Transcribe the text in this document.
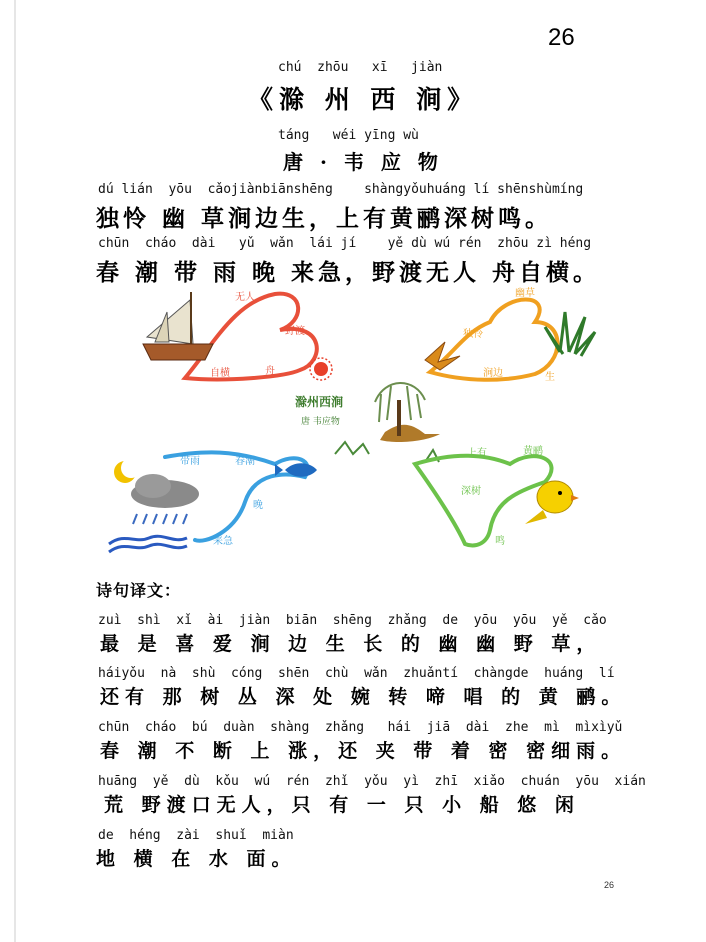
26
chú  zhōu   xī   jiàn
《滁 州 西 涧》
táng   wéi yīng wù
唐 · 韦 应 物
dú lián  yōu  cǎojiànbiānshēng    shàngyǒuhuáng lí shēnshùmíng
独怜 幽 草涧边生，上有黄鹂深树鸣。
chūn  cháo  dài   yǔ  wǎn  lái jí    yě dù wú rén  zhōu zì héng
春 潮 带 雨 晚 来急，野渡无人 舟自横。
无人
野渡
自横	舟
独怜
幽草
涧边	生
滁州西涧
唐 韦应物
带雨	春潮
晚
来急
上有	黄鹂
深树
鸣
诗句译文：
zuì  shì  xǐ  ài  jiàn  biān  shēng  zhǎng  de  yōu  yōu  yě  cǎo
最 是 喜 爱 涧 边 生 长 的 幽 幽 野 草，
háiyǒu  nà  shù  cóng  shēn  chù  wǎn  zhuǎntí  chàngde  huáng  lí
还有 那 树 丛 深 处 婉 转 啼 唱 的 黄 鹂。
chūn  cháo  bú  duàn  shàng  zhǎng   hái  jiā  dài  zhe  mì  mìxìyǔ
春 潮 不 断 上 涨，还 夹 带 着 密 密细雨。
huāng  yě  dù  kǒu  wú  rén  zhǐ  yǒu  yì  zhī  xiǎo  chuán  yōu  xián
荒 野渡口无人，只 有 一 只 小 船 悠 闲
de  héng  zài  shuǐ  miàn
地 横 在 水 面。
26
